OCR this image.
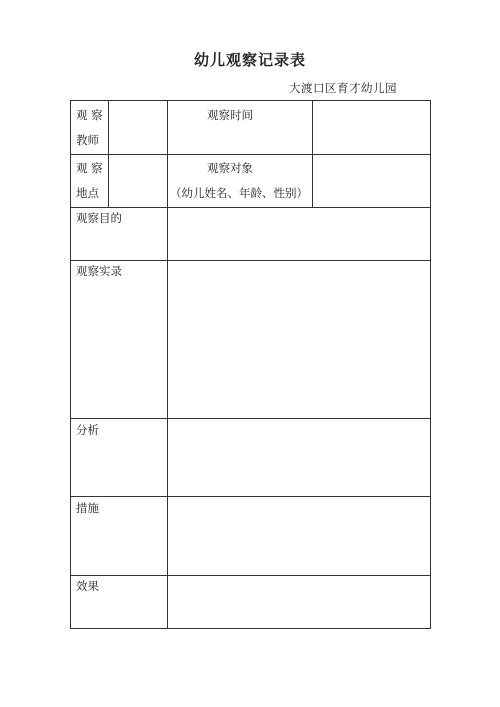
幼儿观察记录表
大渡口区育才幼儿园
观 察
教师
观察时间
观 察
地点
观察对象
（幼儿姓名、年龄、性别）
观察目的
观察实录
分析
措施
效果
